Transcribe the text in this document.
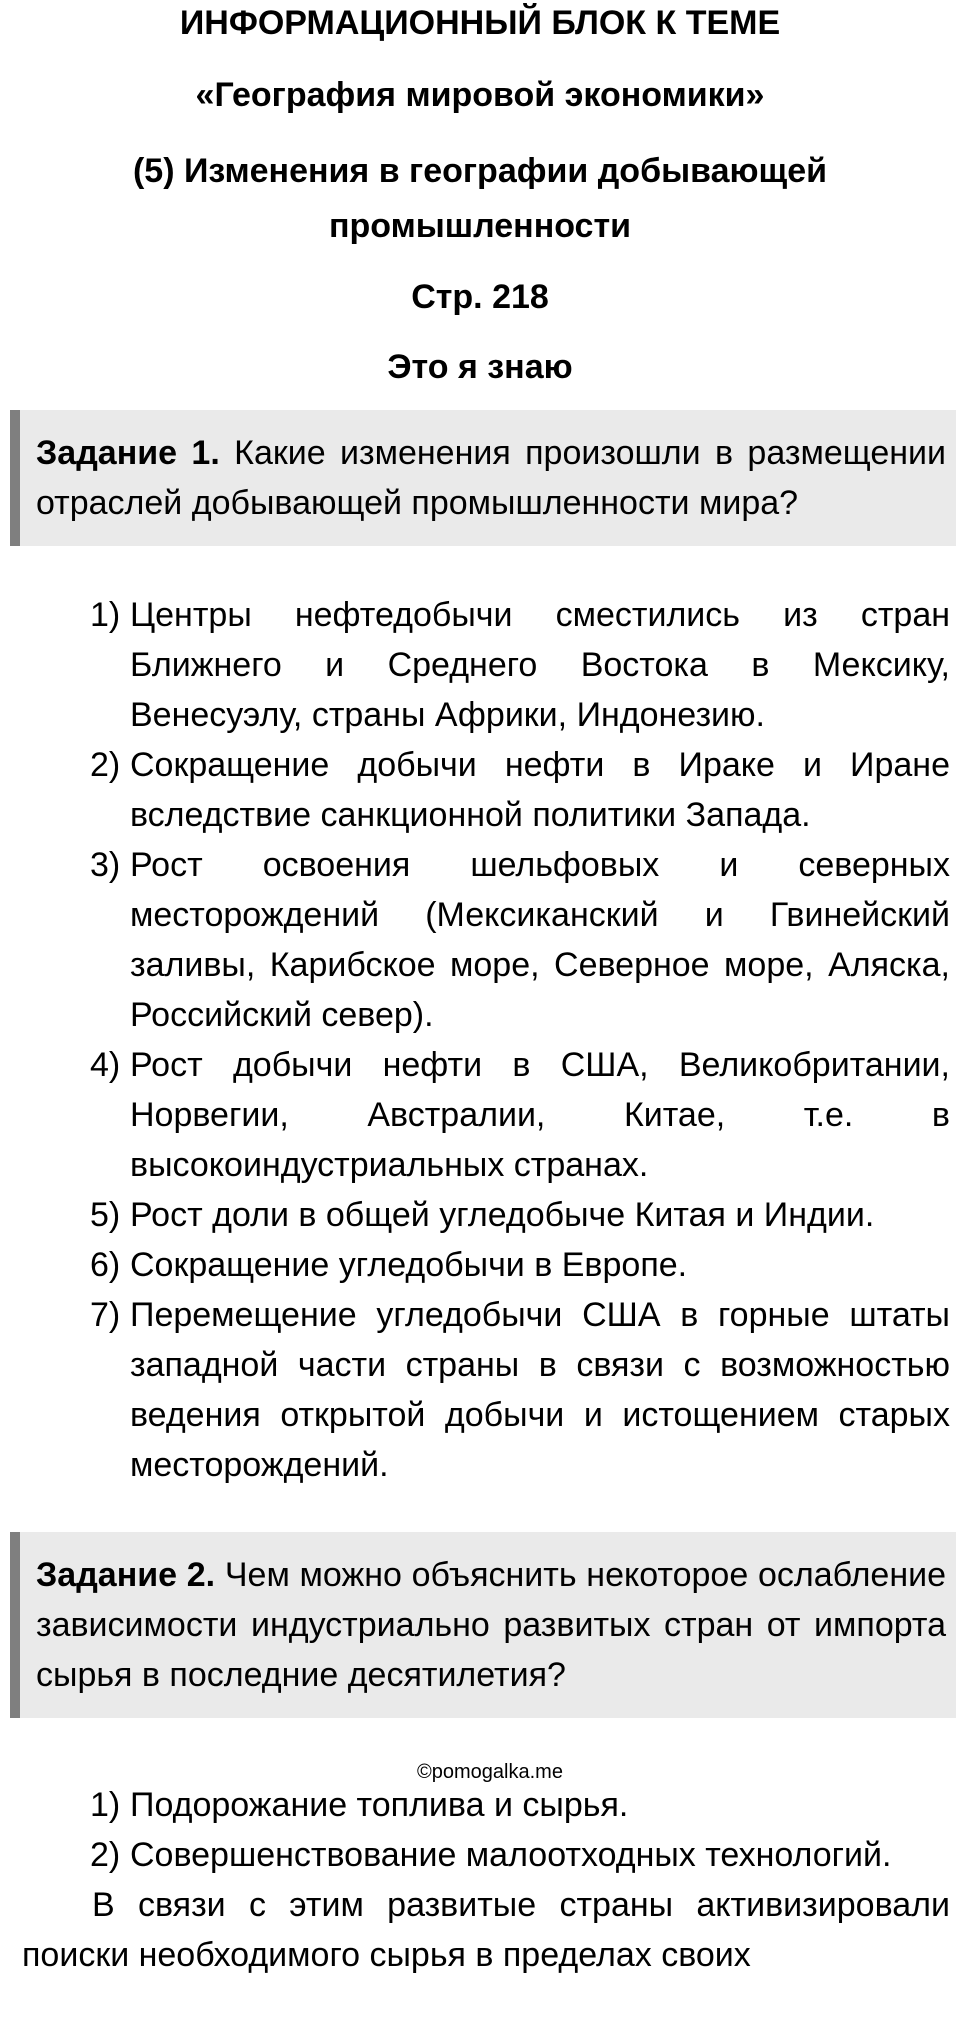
ИНФОРМАЦИОННЫЙ БЛОК К ТЕМЕ
«География мировой экономики»
(5) Изменения в географии добывающей промышленности
Стр. 218
Это я знаю
Задание 1. Какие изменения произошли в размещении отраслей добывающей промышленности мира?
1) Центры нефтедобычи сместились из стран Ближнего и Среднего Востока в Мексику, Венесуэлу, страны Африки, Индонезию.
2) Сокращение добычи нефти в Ираке и Иране вследствие санкционной политики Запада.
3) Рост освоения шельфовых и северных месторождений (Мексиканский и Гвинейский заливы, Карибское море, Северное море, Аляска, Российский север).
4) Рост добычи нефти в США, Великобритании, Норвегии, Австралии, Китае, т.е. в высокоиндустриальных странах.
5) Рост доли в общей угледобыче Китая и Индии.
6) Сокращение угледобычи в Европе.
7) Перемещение угледобычи США в горные штаты западной части страны в связи с возможностью ведения открытой добычи и истощением старых месторождений.
Задание 2. Чем можно объяснить некоторое ослабление зависимости индустриально развитых стран от импорта сырья в последние десятилетия?
©pomogalka.me
1) Подорожание топлива и сырья.
2) Совершенствование малоотходных технологий.

В связи с этим развитые страны активизировали поиски необходимого сырья в пределах своих
